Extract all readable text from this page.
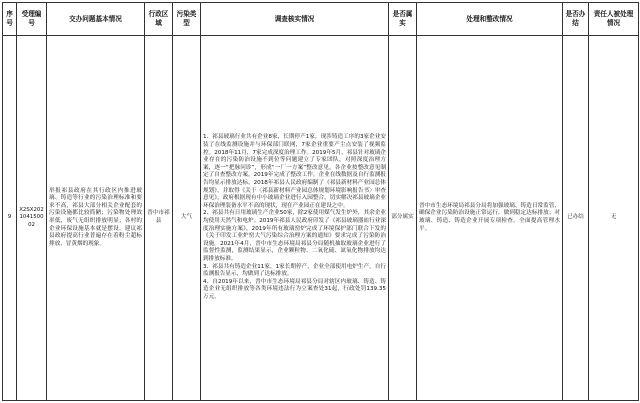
序号	受理编号	交办问题基本情况	行政区域	污染类型	调查核实情况	是否属实	处理和整改情况	是否办结	责任人被处理情况
9	X2SX202104150002	举报祁县政府在其行政区内推进玻璃、铸造等行业的污染治理标准和要求不高，祁县大部分相关企业配套的污染设施都比较简陋；污染物处理效率低，废气无组织排放明显；各村的企业环保设施基本就是摆设。建议祁县政府提高行业普遍存在着粉尘超标排放、冒黄烟的现象。	晋中市祁县	大气	1、祁县玻璃行业共有企业8家，长期停产1家，现涉铸造工序的3家企业安装了在线监测设施并与环保部门联网，7家企业重要产尘点安装了视频监控。2018年11月，7家完成深度治理工作。2019年5月，祁县针对玻璃企业存在的污染防治设施不到位等问题建立了专家团队，对照深度治理方案，逐一“把脉问诊”，形成“一厂一方案”整改意见，各企业按整改意见制定了自查整改方案，2019年完成了整改工作。企业在线数据及自行监测报告均显示排放达标。2018年祁县人民政府编制了《祁县新材料产业园总体规划》，并取得《关于〈祁县新材料产业园总体规划环境影响报告书〉审查意见》，政府根据现有中小玻璃企业进行入园整合，切实解决祁县玻璃企业环保治理装备水平不高的现状，现在产业园正在建设之中。

2、祁县共有日用玻璃生产企业50家，除2家使用煤气发生炉外，其余企业均使用天然气和电炉。2019年祁县人民政府印发了《祁县玻璃器皿行业深度治理实施方案》，2019年所有玻璃窑炉完成了环境保护部门联合下发的《关于印发工业炉窑大气污染综合治理方案的通知》要求完成了污染防治设施。2021年4月，晋中市生态环境局祁县分局随机抽取玻璃企业进行了监督性监测，监测结果显示，企业颗粒物、二氧化硫、氮氧化物排放均达到排放标准。

3、祁县共有铸造企业11家，1家长期停产，企业全部使用电炉生产，自行监测报告显示，均做到了达标排放。

4、自2019年以来，晋中市生态环境局祁县分局对辖区内玻璃、铸造、铸造企业无组织排放等各类环境违法行为立案查处31起，行政处罚139.35万元。	部分属实	晋中市生态环境局祁县分局将加强玻璃、铸造日常监管，确保企业污染防治设施正常运行，做到稳定达标排放；对玻璃、铸造、铸造企业开展专项检查，全面提高管理水平。	已办结	无
